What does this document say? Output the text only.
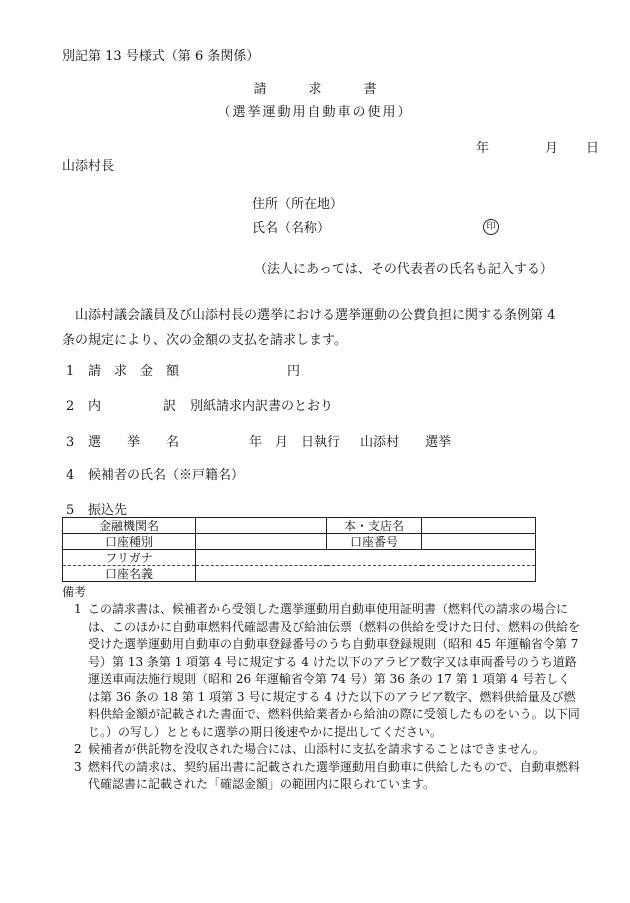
別記第 13 号様式（第 6 条関係）
請	求	書
（選挙運動用自動車の使用）
年	月 日
山添村長
住所（所在地）
氏名（名称）	印
（法人にあっては、その代表者の氏名も記入する）
山添村議会議員及び山添村長の選挙における選挙運動の公費負担に関する条例第 4 条の規定により、次の金額の支払を請求します。
1 請　求　金　額	円
2 内	訳 別紙請求内訳書のとおり
3 選 挙 名	年　月　日執行 山添村 選挙
4 候補者の氏名（※戸籍名）
5 振込先
金融機関名		本・支店名	
口座種別		口座番号	
フリガナ			
口座名義			
備考

1 この請求書は、候補者から受領した選挙運動用自動車使用証明書（燃料代の請求の場合には、このほかに自動車燃料代確認書及び給油伝票（燃料の供給を受けた日付、燃料の供給を受けた選挙運動用自動車の自動車登録番号のうち自動車登録規則（昭和 45 年運輸省令第 7 号）第 13 条第 1 項第 4 号に規定する 4 けた以下のアラビア数字又は車両番号のうち道路運送車両法施行規則（昭和 26 年運輸省令第 74 号）第 36 条の 17 第 1 項第 4 号若しくは第 36 条の 18 第 1 項第 3 号に規定する 4 けた以下のアラビア数字、燃料供給量及び燃料供給金額が記載された書面で、燃料供給業者から給油の際に受領したものをいう。以下同じ。）の写し）とともに選挙の期日後速やかに提出してください。

2 候補者が供託物を没収された場合には、山添村に支払を請求することはできません。

3 燃料代の請求は、契約届出書に記載された選挙運動用自動車に供給したもので、自動車燃料代確認書に記載された「確認金額」の範囲内に限られています。
